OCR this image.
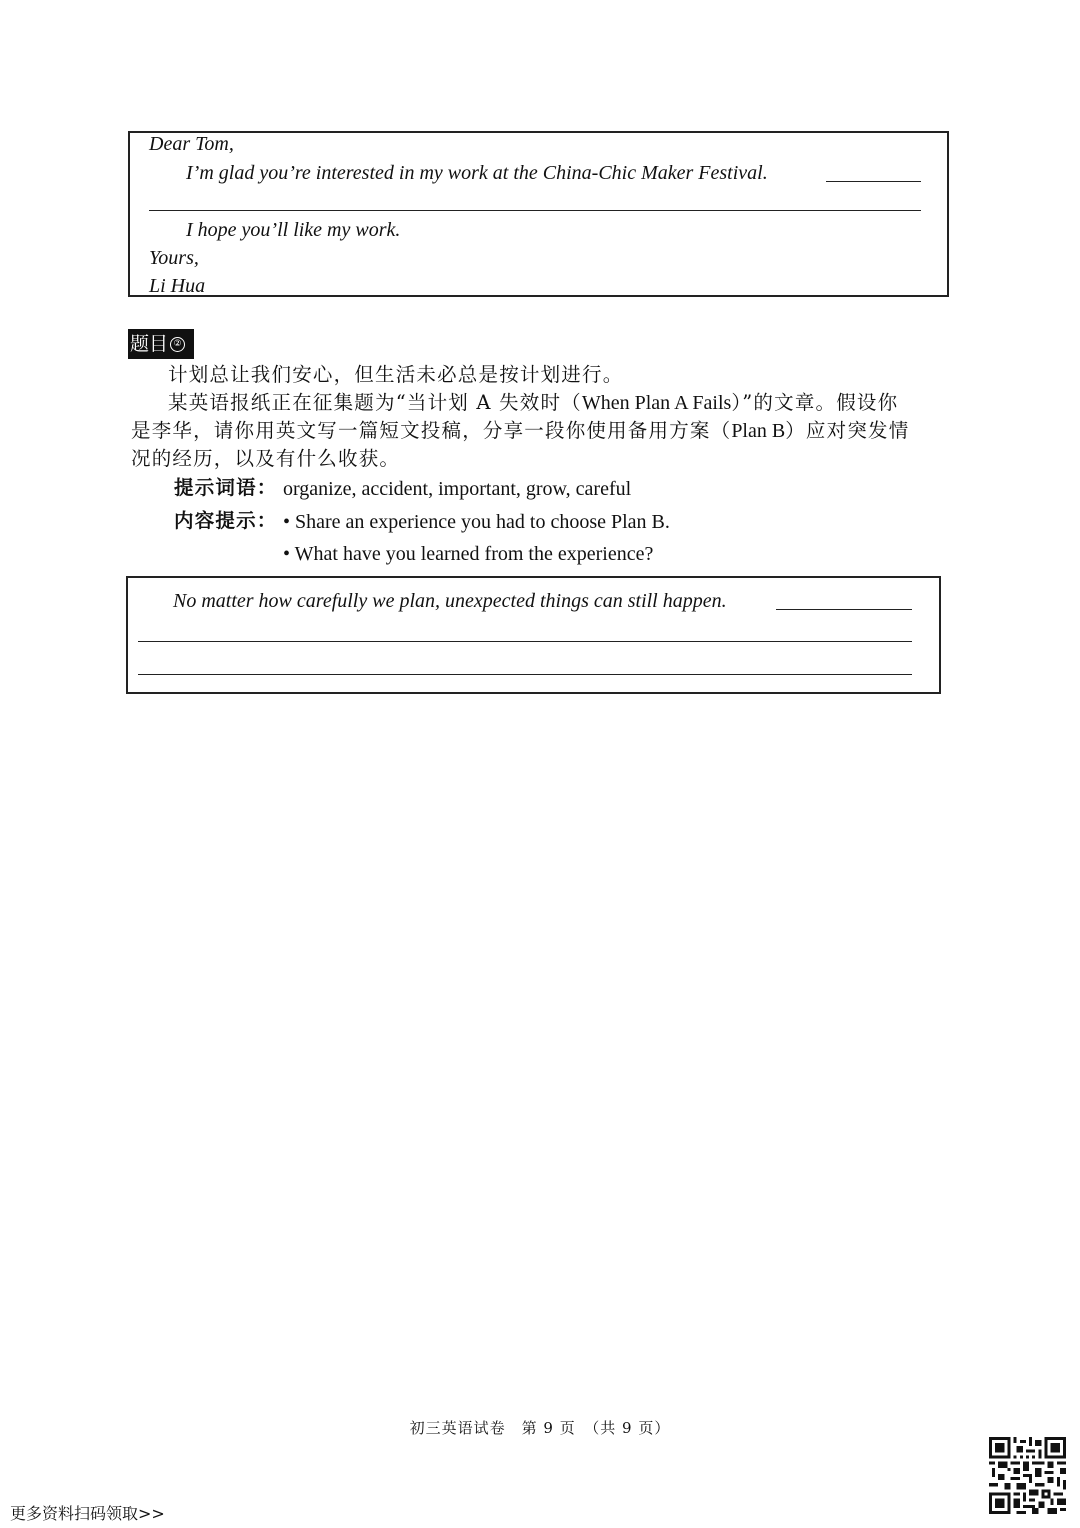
Dear Tom,
I’m glad you’re interested in my work at the China-Chic Maker Festival.
I hope you’ll like my work.
Yours,
Li Hua
题目 ②
计划总让我们安心，但生活未必总是按计划进行。
某英语报纸正在征集题为“当计划 A 失效时（When Plan A Fails）”的文章。假设你
是李华，请你用英文写一篇短文投稿，分享一段你使用备用方案（Plan B）应对突发情
况的经历，以及有什么收获。
提示词语： organize, accident, important, grow, careful
内容提示： • Share an experience you had to choose Plan B.
• What have you learned from the experience?
No matter how carefully we plan, unexpected things can still happen.
初三英语试卷　第 9 页　（共 9 页）
更多资料扫码领取>>
